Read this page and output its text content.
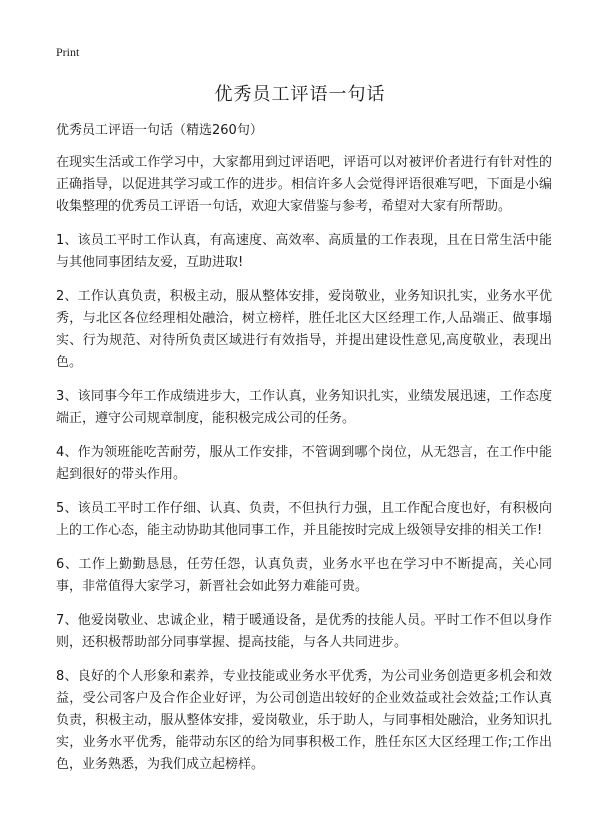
Print
优秀员工评语一句话

优秀员工评语一句话（精选260句）

在现实生活或工作学习中，大家都用到过评语吧，评语可以对被评价者进行有针对性的正确指导，以促进其学习或工作的进步。相信许多人会觉得评语很难写吧，下面是小编收集整理的优秀员工评语一句话，欢迎大家借鉴与参考，希望对大家有所帮助。

1、该员工平时工作认真，有高速度、高效率、高质量的工作表现，且在日常生活中能与其他同事团结友爱，互助进取!

2、工作认真负责，积极主动，服从整体安排，爱岗敬业，业务知识扎实，业务水平优秀，与北区各位经理相处融洽，树立榜样，胜任北区大区经理工作,人品端正、做事塌实、行为规范、对待所负责区域进行有效指导，并提出建设性意见,高度敬业，表现出色。

3、该同事今年工作成绩进步大，工作认真，业务知识扎实，业绩发展迅速，工作态度端正，遵守公司规章制度，能积极完成公司的任务。

4、作为领班能吃苦耐劳，服从工作安排，不管调到哪个岗位，从无怨言，在工作中能起到很好的带头作用。

5、该员工平时工作仔细、认真、负责，不但执行力强，且工作配合度也好，有积极向上的工作心态，能主动协助其他同事工作，并且能按时完成上级领导安排的相关工作!

6、工作上勤勤恳恳，任劳任怨，认真负责，业务水平也在学习中不断提高，关心同事，非常值得大家学习，新晋社会如此努力难能可贵。

7、他爱岗敬业、忠诚企业，精于暖通设备，是优秀的技能人员。平时工作不但以身作则，还积极帮助部分同事掌握、提高技能，与各人共同进步。

8、良好的个人形象和素养，专业技能或业务水平优秀，为公司业务创造更多机会和效益，受公司客户及合作企业好评，为公司创造出较好的企业效益或社会效益;工作认真负责，积极主动，服从整体安排，爱岗敬业，乐于助人，与同事相处融洽，业务知识扎实，业务水平优秀，能带动东区的给为同事积极工作，胜任东区大区经理工作;工作出色，业务熟悉，为我们成立起榜样。
